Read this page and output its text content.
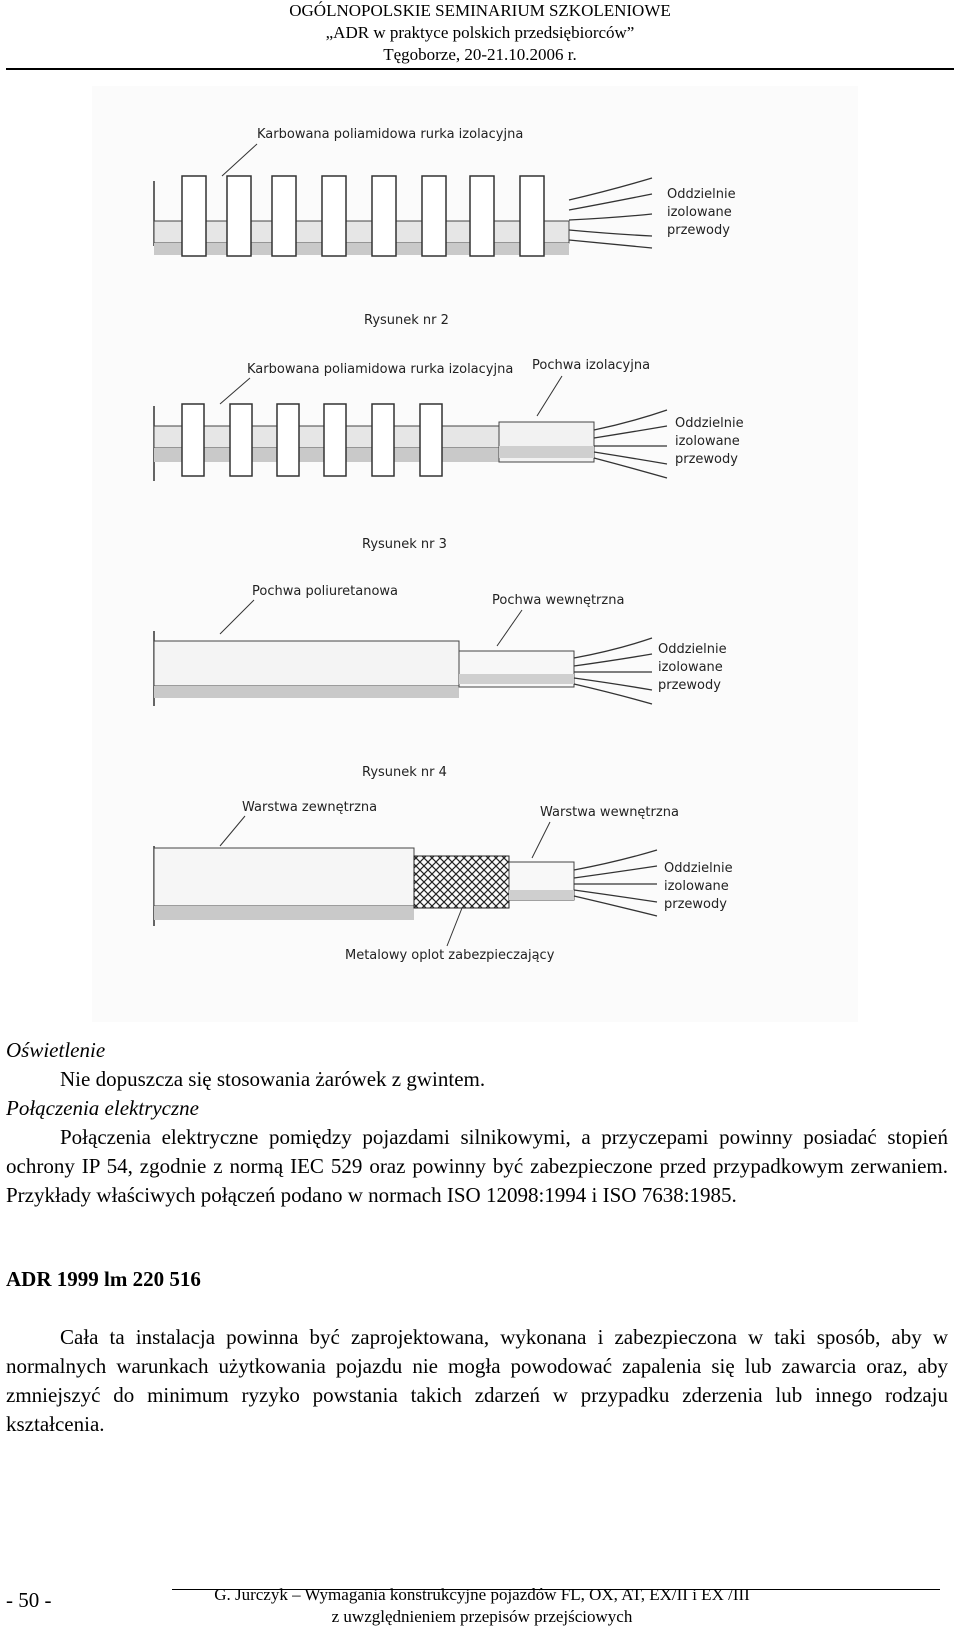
OGÓLNOPOLSKIE SEMINARIUM SZKOLENIOWE
„ADR w praktyce polskich przedsiębiorców”
Tęgoborze, 20-21.10.2006 r.
Karbowana poliamidowa rurka izolacyjna
Oddzielnie
izolowane
przewody
Rysunek nr 2
Karbowana poliamidowa rurka izolacyjna Pochwa izolacyjna
Oddzielnie
izolowane
przewody
Rysunek nr 3
Pochwa poliuretanowa
Pochwa wewnętrzna
Oddzielnie
izolowane
przewody
Rysunek nr 4
Warstwa zewnętrzna	Warstwa wewnętrzna
Oddzielnie
izolowane
przewody
Metalowy oplot zabezpieczający
Oświetlenie
Nie dopuszcza się stosowania żarówek z gwintem.
Połączenia elektryczne
Połączenia elektryczne pomiędzy pojazdami silnikowymi, a przyczepami powinny posiadać stopień ochrony IP 54, zgodnie z normą IEC 529 oraz powinny być zabezpieczone przed przypadkowym zerwaniem. Przykłady właściwych połączeń podano w normach ISO 12098:1994 i ISO 7638:1985.
ADR 1999 lm 220 516
Cała ta instalacja powinna być zaprojektowana, wykonana i zabezpieczona w taki sposób, aby w normalnych warunkach użytkowania pojazdu nie mogła powodować zapalenia się lub zawarcia oraz, aby zmniejszyć do minimum ryzyko powstania takich zdarzeń w przypadku zderzenia lub innego rodzaju kształcenia.
- 50 -	G. Jurczyk – Wymagania konstrukcyjne pojazdów FL, OX, AT, EX/II i EX /III
z uwzględnieniem przepisów przejściowych
